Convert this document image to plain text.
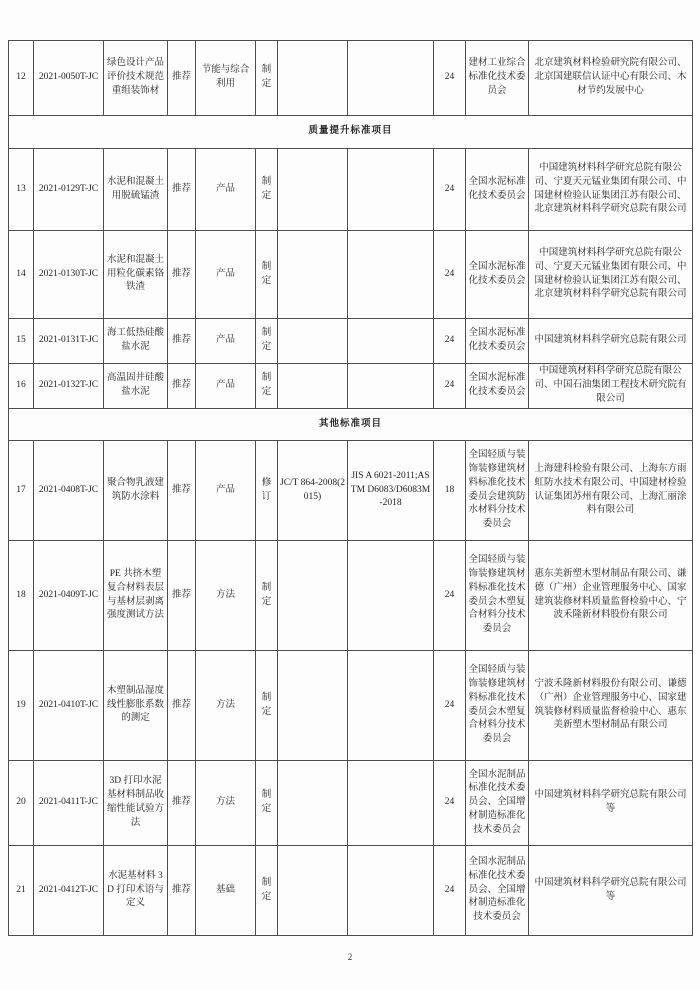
12	2021-0050T-JC	绿色设计产品评价技术规范 重组装饰材	推荐	节能与综合利用	制定			24	建材工业综合标准化技术委员会	北京建筑材料检验研究院有限公司、北京国建联信认证中心有限公司、木材节约发展中心
质量提升标准项目										
13	2021-0129T-JC	水泥和混凝土用脱硫锰渣	推荐	产品	制定			24	全国水泥标准化技术委员会	中国建筑材料科学研究总院有限公司、宁夏天元锰业集团有限公司、中国建材检验认证集团江苏有限公司、北京建筑材料科学研究总院有限公司
14	2021-0130T-JC	水泥和混凝土用粒化碳素铬铁渣	推荐	产品	制定			24	全国水泥标准化技术委员会	中国建筑材料科学研究总院有限公司、宁夏天元锰业集团有限公司、中国建材检验认证集团江苏有限公司、北京建筑材料科学研究总院有限公司
15	2021-0131T-JC	海工低热硅酸盐水泥	推荐	产品	制定			24	全国水泥标准化技术委员会	中国建筑材料科学研究总院有限公司
16	2021-0132T-JC	高温固井硅酸盐水泥	推荐	产品	制定			24	全国水泥标准化技术委员会	中国建筑材料科学研究总院有限公司、中国石油集团工程技术研究院有限公司
其他标准项目										
17	2021-0408T-JC	聚合物乳液建筑防水涂料	推荐	产品	修订	JC/T 864-2008(2015)	JIS A 6021-2011;ASTM D6083/D6083M-2018	18	全国轻质与装饰装修建筑材料标准化技术委员会建筑防水材料分技术委员会	上海建科检验有限公司、上海东方雨虹防水技术有限公司、中国建材检验认证集团苏州有限公司、上海汇丽涂料有限公司
18	2021-0409T-JC	PE 共挤木塑复合材料表层与基材层剥离强度测试方法	推荐	方法	制定			24	全国轻质与装饰装修建筑材料标准化技术委员会木塑复合材料分技术委员会	惠东美新塑木型材制品有限公司、谦德（广州）企业管理服务中心、国家建筑装修材料质量监督检验中心、宁波禾隆新材料股份有限公司
19	2021-0410T-JC	木塑制品湿度线性膨胀系数的测定	推荐	方法	制定			24	全国轻质与装饰装修建筑材料标准化技术委员会木塑复合材料分技术委员会	宁波禾隆新材料股份有限公司、谦德（广州）企业管理服务中心、国家建筑装修材料质量监督检验中心、惠东美新塑木型材制品有限公司
20	2021-0411T-JC	3D 打印水泥基材料制品收缩性能试验方法	推荐	方法	制定			24	全国水泥制品标准化技术委员会、全国增材制造标准化技术委员会	中国建筑材料科学研究总院有限公司等
21	2021-0412T-JC	水泥基材料 3D 打印术语与定义	推荐	基础	制定			24	全国水泥制品标准化技术委员会、全国增材制造标准化技术委员会	中国建筑材料科学研究总院有限公司等
2
